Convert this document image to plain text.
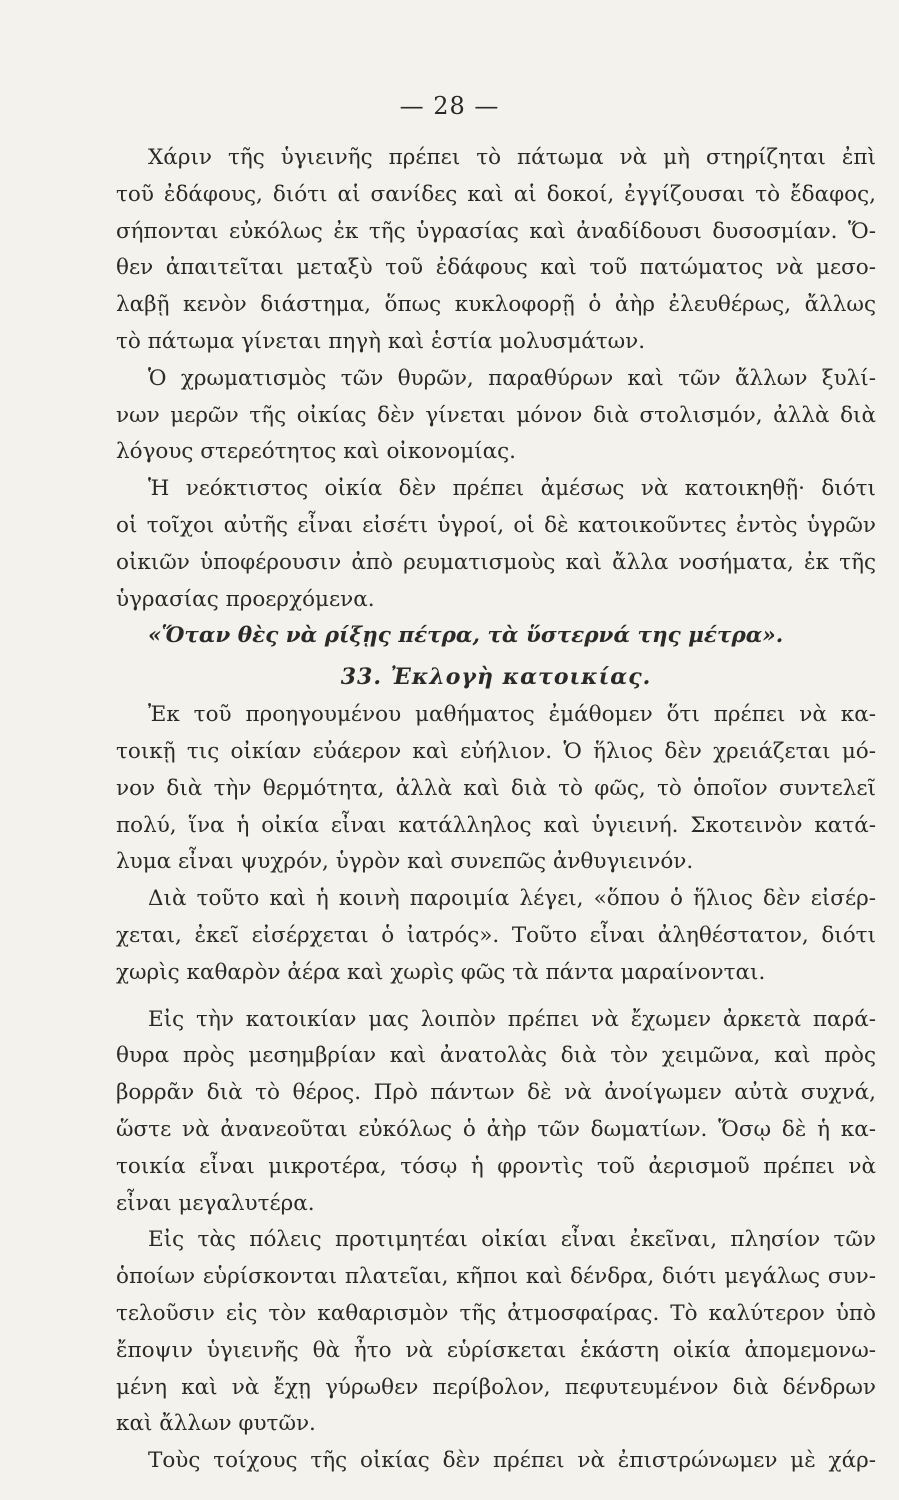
— 28 —
Χάριν τῆς ὑγιεινῆς πρέπει τὸ πάτωμα νὰ μὴ στηρίζηται ἐπὶ
τοῦ ἐδάφους, διότι αἱ σανίδες καὶ αἱ δοκοί, ἐγγίζουσαι τὸ ἔδαφος,
σήπονται εὐκόλως ἐκ τῆς ὑγρασίας καὶ ἀναδίδουσι δυσοσμίαν. Ὅ-
θεν ἀπαιτεῖται μεταξὺ τοῦ ἐδάφους καὶ τοῦ πατώματος νὰ μεσο-
λαβῇ κενὸν διάστημα, ὅπως κυκλοφορῇ ὁ ἀὴρ ἐλευθέρως, ἄλλως
τὸ πάτωμα γίνεται πηγὴ καὶ ἑστία μολυσμάτων.
Ὁ χρωματισμὸς τῶν θυρῶν, παραθύρων καὶ τῶν ἄλλων ξυλί-
νων μερῶν τῆς οἰκίας δὲν γίνεται μόνον διὰ στολισμόν, ἀλλὰ διὰ
λόγους στερεότητος καὶ οἰκονομίας.
Ἡ νεόκτιστος οἰκία δὲν πρέπει ἀμέσως νὰ κατοικηθῇ· διότι
οἱ τοῖχοι αὐτῆς εἶναι εἰσέτι ὑγροί, οἱ δὲ κατοικοῦντες ἐντὸς ὑγρῶν
οἰκιῶν ὑποφέρουσιν ἀπὸ ρευματισμοὺς καὶ ἄλλα νοσήματα, ἐκ τῆς
ὑγρασίας προερχόμενα.
«Ὅταν θὲς νὰ ρίξῃς πέτρα, τὰ ὕστερνά της μέτρα».
33. Ἐκλογὴ κατοικίας.
Ἐκ τοῦ προηγουμένου μαθήματος ἐμάθομεν ὅτι πρέπει νὰ κα-
τοικῇ τις οἰκίαν εὐάερον καὶ εὐήλιον. Ὁ ἥλιος δὲν χρειάζεται μό-
νον διὰ τὴν θερμότητα, ἀλλὰ καὶ διὰ τὸ φῶς, τὸ ὁποῖον συντελεῖ
πολύ, ἵνα ἡ οἰκία εἶναι κατάλληλος καὶ ὑγιεινή. Σκοτεινὸν κατά-
λυμα εἶναι ψυχρόν, ὑγρὸν καὶ συνεπῶς ἀνθυγιεινόν.
Διὰ τοῦτο καὶ ἡ κοινὴ παροιμία λέγει, «ὅπου ὁ ἥλιος δὲν εἰσέρ-
χεται, ἐκεῖ εἰσέρχεται ὁ ἰατρός». Τοῦτο εἶναι ἀληθέστατον, διότι
χωρὶς καθαρὸν ἀέρα καὶ χωρὶς φῶς τὰ πάντα μαραίνονται.
Εἰς τὴν κατοικίαν μας λοιπὸν πρέπει νὰ ἔχωμεν ἀρκετὰ παρά-
θυρα πρὸς μεσημβρίαν καὶ ἀνατολὰς διὰ τὸν χειμῶνα, καὶ πρὸς
βορρᾶν διὰ τὸ θέρος. Πρὸ πάντων δὲ νὰ ἀνοίγωμεν αὐτὰ συχνά,
ὥστε νὰ ἀνανεοῦται εὐκόλως ὁ ἀὴρ τῶν δωματίων. Ὅσῳ δὲ ἡ κα-
τοικία εἶναι μικροτέρα, τόσῳ ἡ φροντὶς τοῦ ἀερισμοῦ πρέπει νὰ
εἶναι μεγαλυτέρα.
Εἰς τὰς πόλεις προτιμητέαι οἰκίαι εἶναι ἐκεῖναι, πλησίον τῶν
ὁποίων εὑρίσκονται πλατεῖαι, κῆποι καὶ δένδρα, διότι μεγάλως συν-
τελοῦσιν εἰς τὸν καθαρισμὸν τῆς ἀτμοσφαίρας. Τὸ καλύτερον ὑπὸ
ἔποψιν ὑγιεινῆς θὰ ἦτο νὰ εὑρίσκεται ἑκάστη οἰκία ἀπομεμονω-
μένη καὶ νὰ ἔχῃ γύρωθεν περίβολον, πεφυτευμένον διὰ δένδρων
καὶ ἄλλων φυτῶν.
Τοὺς τοίχους τῆς οἰκίας δὲν πρέπει νὰ ἐπιστρώνωμεν μὲ χάρ-
